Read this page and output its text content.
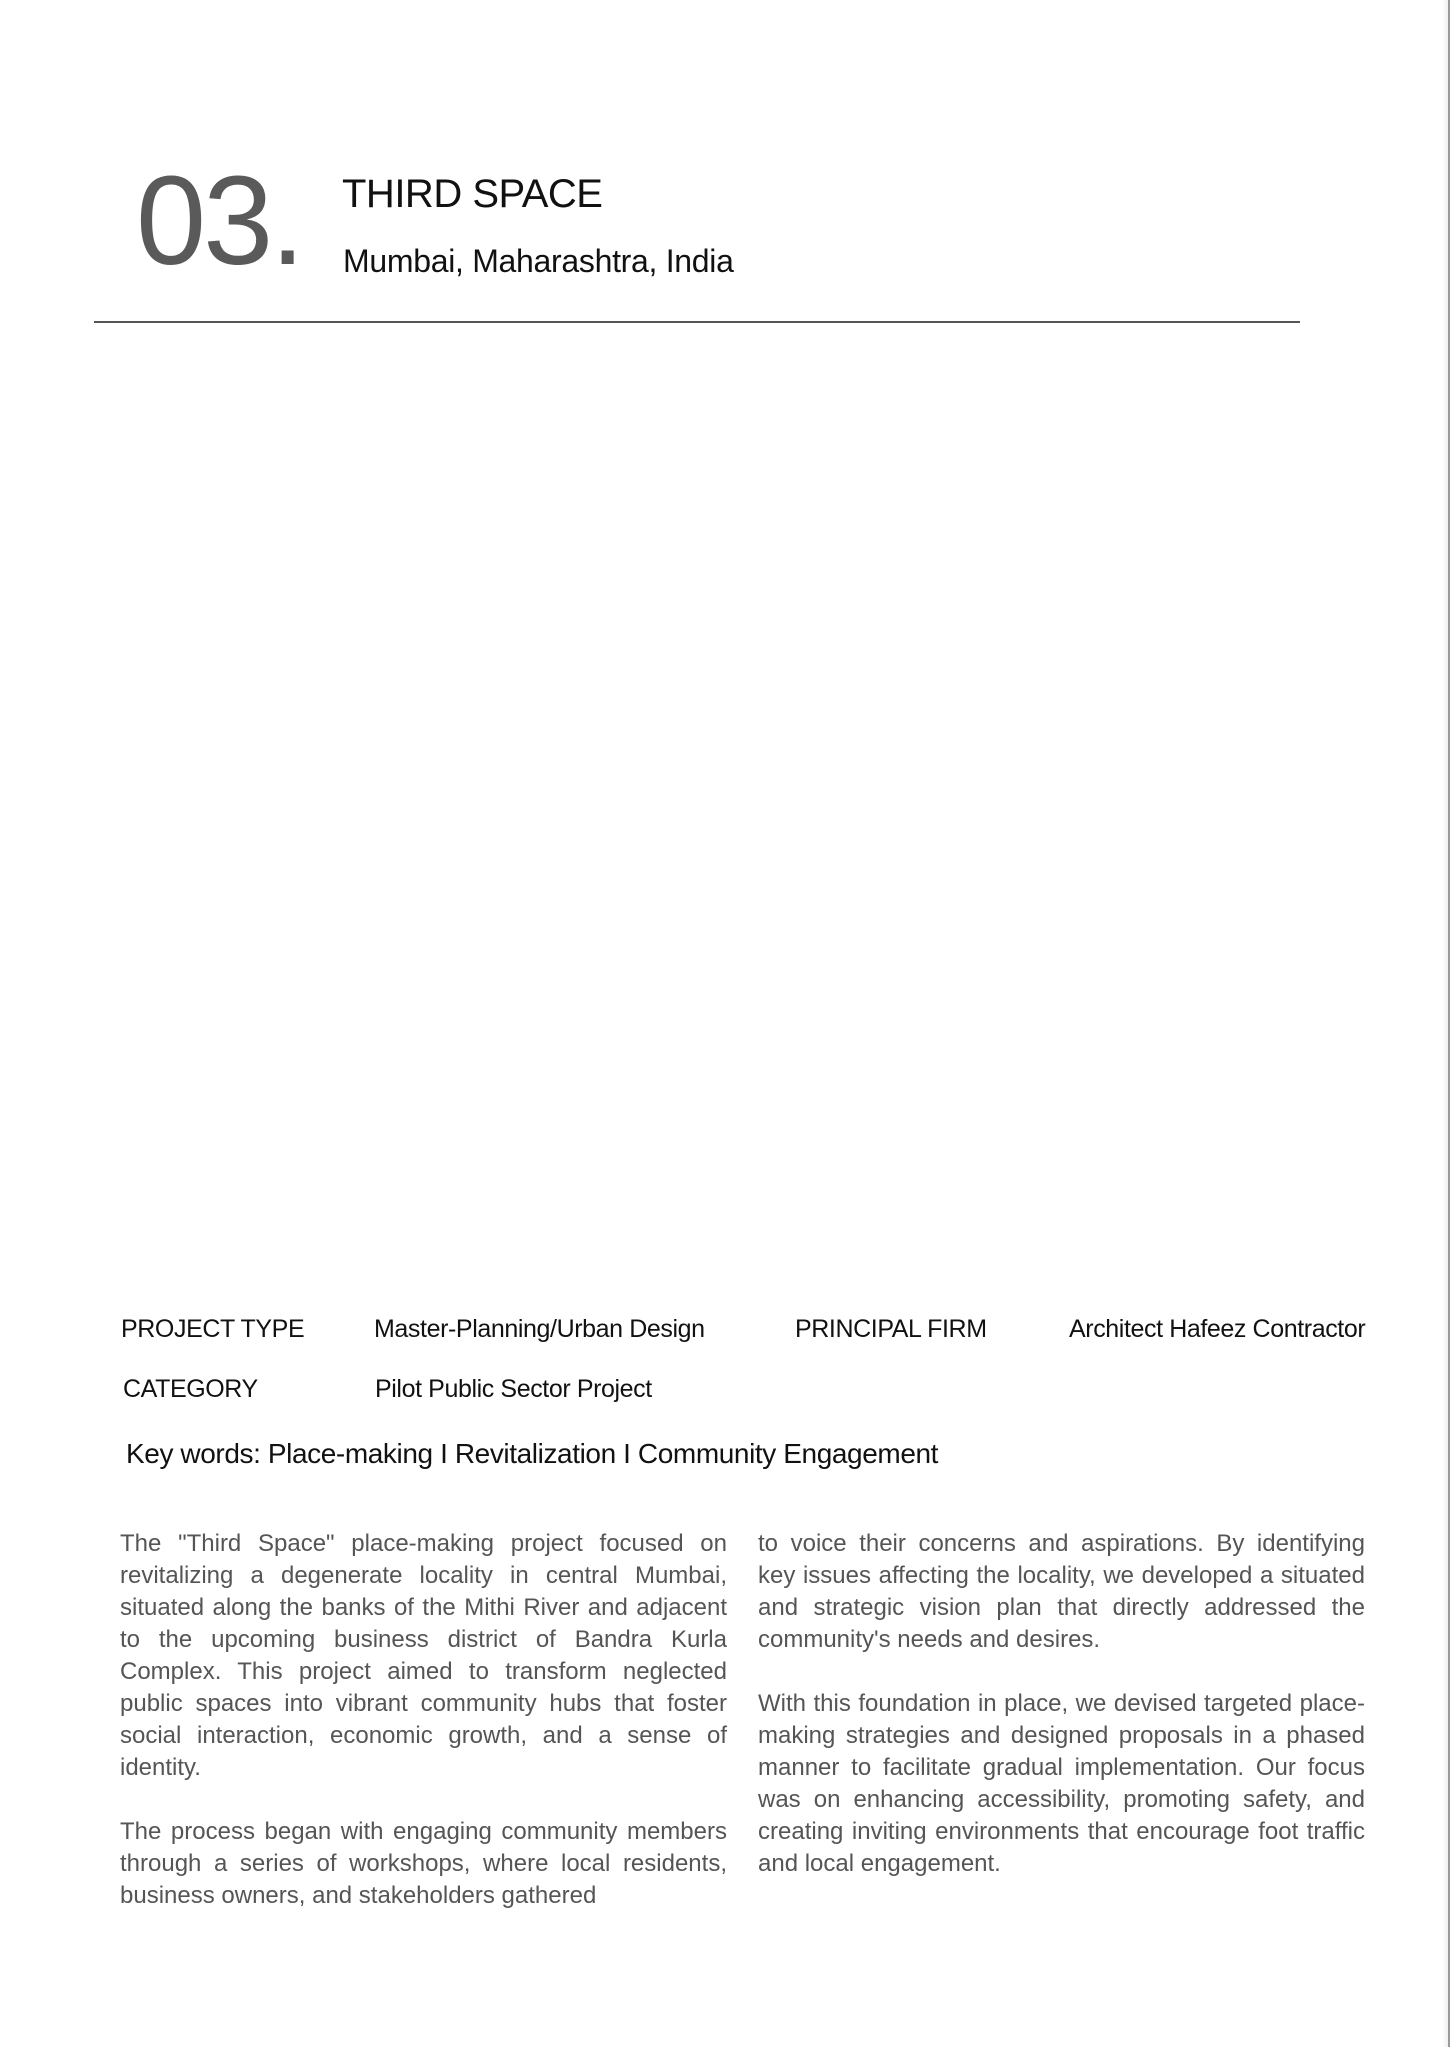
03. THIRD SPACE
Mumbai, Maharashtra, India
PROJECT TYPE	Master-Planning/Urban Design	PRINCIPAL FIRM	Architect Hafeez Contractor
CATEGORY	Pilot Public Sector Project
Key words: Place-making I Revitalization I Community Engagement

The "Third Space" place-making project focused on revitalizing a degenerate locality in central Mumbai, situated along the banks of the Mithi River and adjacent to the upcoming business district of Bandra Kurla Complex. This project aimed to transform neglected public spaces into vibrant community hubs that foster social interaction, economic growth, and a sense of identity.

The process began with engaging community members through a series of workshops, where local residents, business owners, and stakeholders gathered

to voice their concerns and aspirations. By identifying key issues affecting the locality, we developed a situated and strategic vision plan that directly addressed the community's needs and desires.

With this foundation in place, we devised targeted place-making strategies and designed proposals in a phased manner to facilitate gradual implementation. Our focus was on enhancing accessibility, promoting safety, and creating inviting environments that encourage foot traffic and local engagement.
